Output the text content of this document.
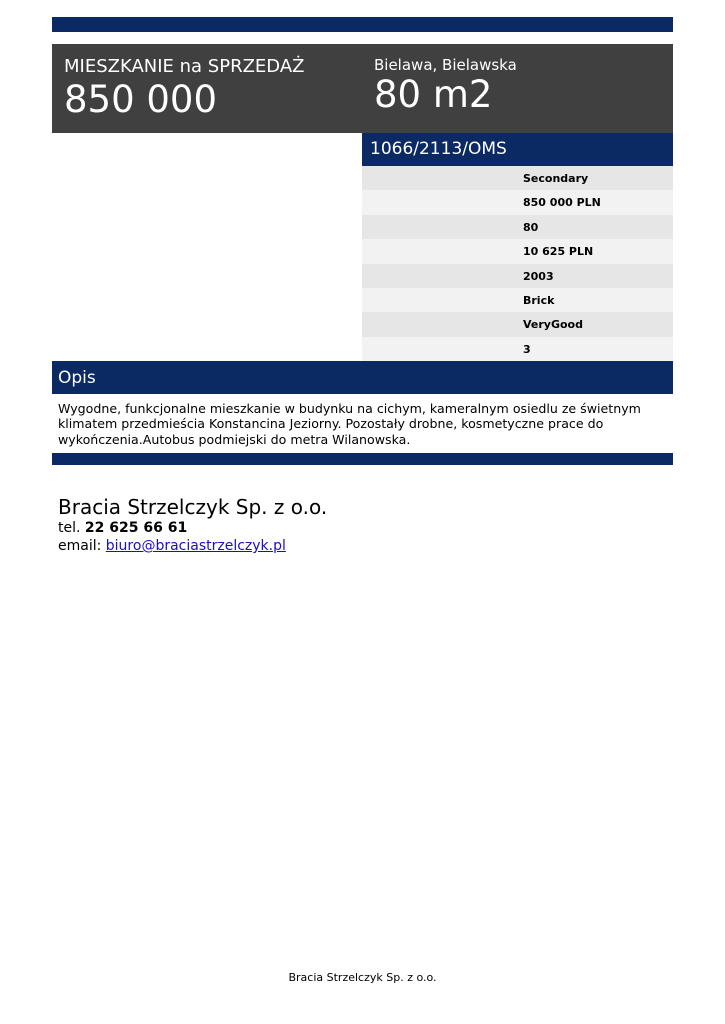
MIESZKANIE na SPRZEDAŻ
850 000
Bielawa, Bielawska
80 m2
1066/2113/OMS
Secondary
850 000 PLN
80
10 625 PLN
2003
Brick
VeryGood
3
Opis
Wygodne, funkcjonalne mieszkanie w budynku na cichym, kameralnym osiedlu ze świetnym klimatem przedmieścia Konstancina Jeziorny. Pozostały drobne, kosmetyczne prace do wykończenia.Autobus podmiejski do metra Wilanowska.
Bracia Strzelczyk Sp. z o.o.
tel. 22 625 66 61
email: biuro@braciastrzelczyk.pl
Bracia Strzelczyk Sp. z o.o.
